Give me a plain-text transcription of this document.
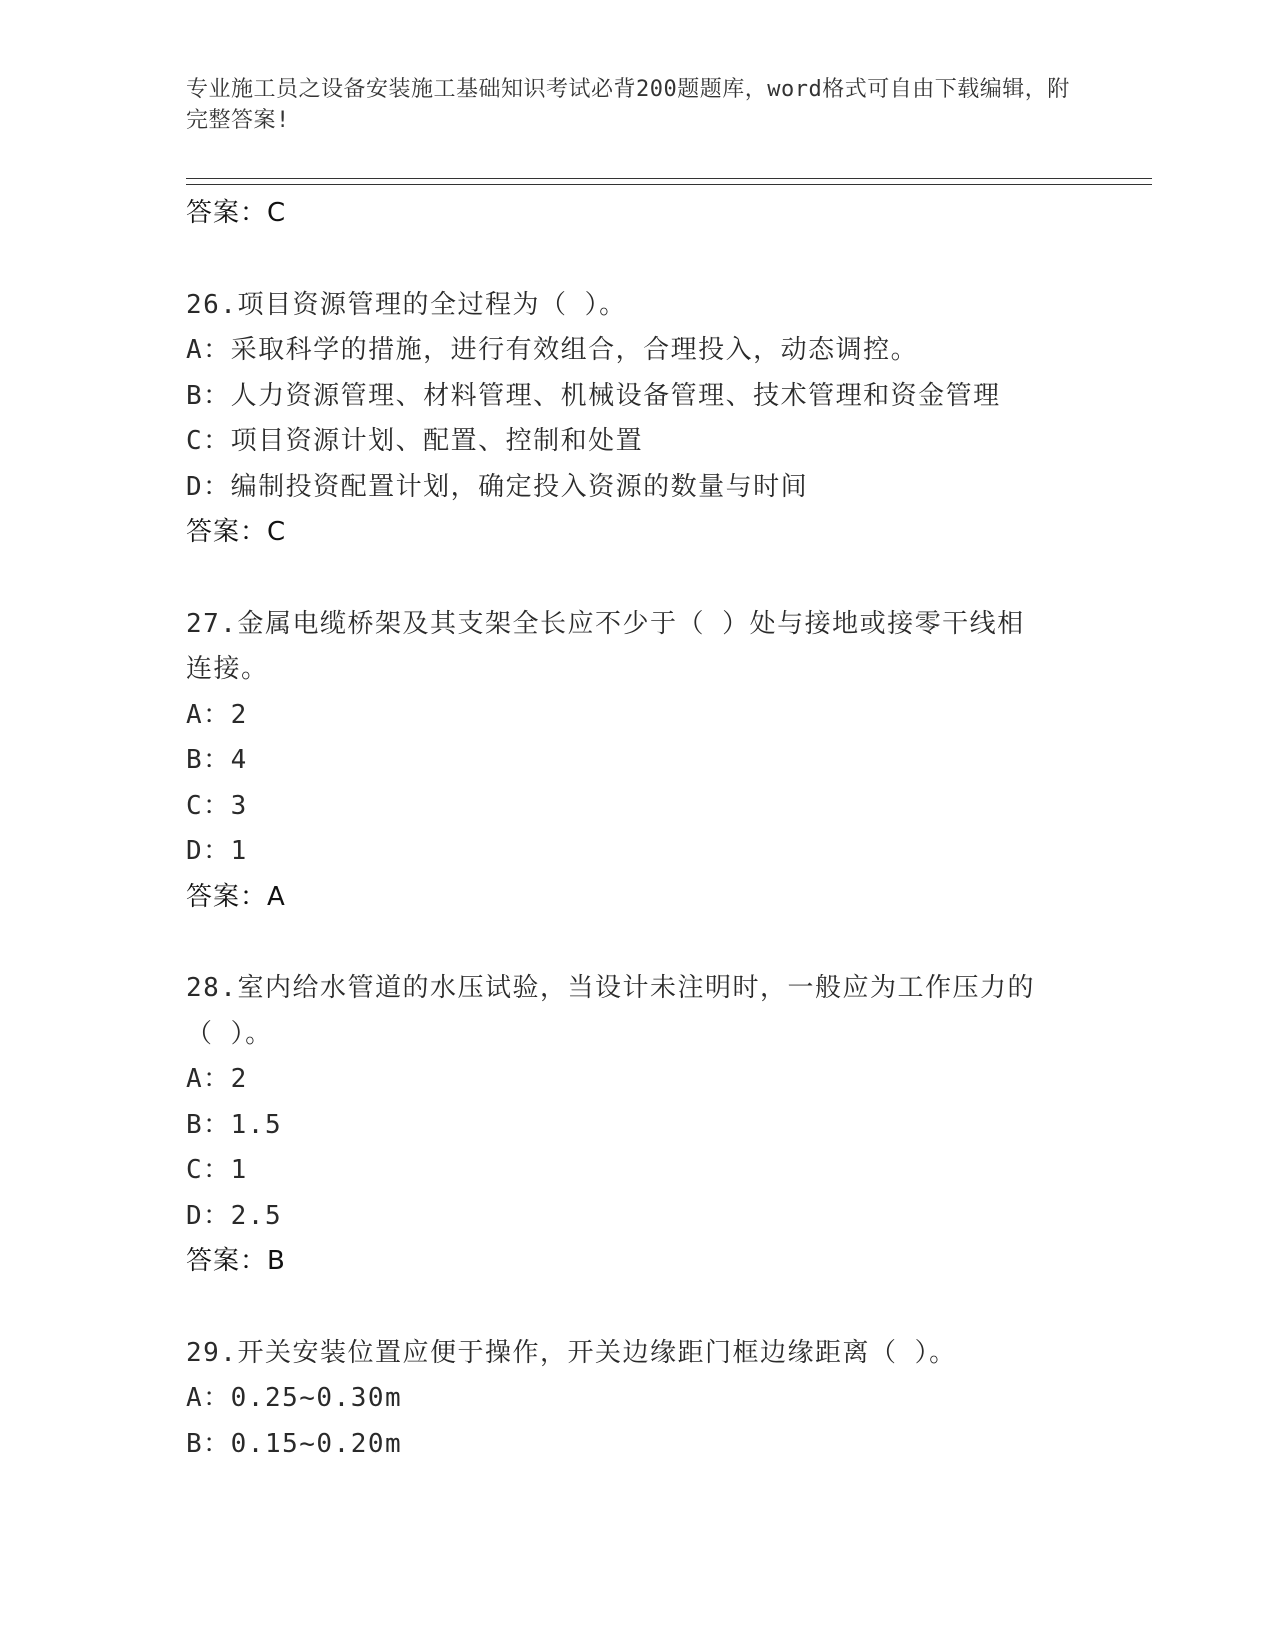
专业施工员之设备安装施工基础知识考试必背200题题库，word格式可自由下载编辑，附完整答案!
答案：C
26.项目资源管理的全过程为（ ）。
A：采取科学的措施，进行有效组合，合理投入，动态调控。
B：人力资源管理、材料管理、机械设备管理、技术管理和资金管理
C：项目资源计划、配置、控制和处置
D：编制投资配置计划，确定投入资源的数量与时间
答案：C
27.金属电缆桥架及其支架全长应不少于（ ）处与接地或接零干线相连接。
A：2
B：4
C：3
D：1
答案：A
28.室内给水管道的水压试验，当设计未注明时，一般应为工作压力的（ ）。
A：2
B：1.5
C：1
D：2.5
答案：B
29.开关安装位置应便于操作，开关边缘距门框边缘距离（ ）。
A：0.25~0.30m
B：0.15~0.20m
